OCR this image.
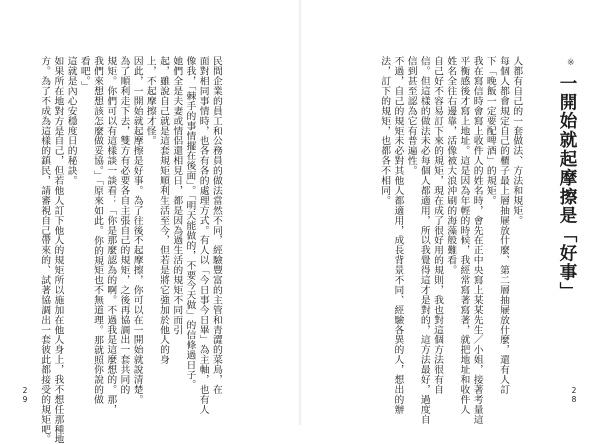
※
一開始就起摩擦是「好事」
人都有自己的一套做法、方法和規矩。
每個人都會規定自己的櫃子最上層抽屜放什麼、第二層抽屜放什麼，還有人訂
下「晚飯一定要配啤酒」的規矩。
我在寫信時會寫上收件人的姓名時，會先在正中央寫上某某先生／小姐，接著考量這
平衡感後才寫上地址。這是因為年輕的時候，我經常寫著寫著，就把地址和收件人
姓名全往右邊靠，活像被大浪沖刷的海藻般難看。
自己好不容易訂下來的規矩，現在成了很好用的規則，我也對這個方法很有自
信。但這樣的做法未必每個人都適用，所以我覺得這才是對的，這方法最好，過度自
信到甚至認為它有普遍性。
不過，自己的規矩未必對其他人都適用，成長背景不同、經驗各異的人，想出的辦
法，訂下的規矩，也都各不相同。
民間企業的員工和公務員的做法當然不同，經驗豐富的主管和青澀的菜鳥，在
面對相同事情時，也各有各的處理方式。有人以「今日事今日畢」為主軸，也有人
像我，「棘手的事情擺在後面」。「明天能做的，不要今天做」的信條過日子。
她們全是夫妻或情侶還相見日，都是因為過生活的規矩不同而引
起，雖說自己就是這套規矩順利生活至今，但若是將它強加於他人的身
上，不起摩擦才怪。
因此，一開始就起摩擦是好事。為了往後不起摩擦，你可以在一開始就說清楚。
為了順利走下去，雙方有必要各自主張自己的規矩，之後再協調出一套共同的
規矩。你們可以有這樣談一談看：「你是那麼認為的啊。不過我是這麼想的。那，
我們來想想該怎麼做妥協。」「原來如此。你的規矩也不無道理。那就照你說的做
看吧。」
這就是內心安穩度日的秘訣。
如果所在地對方是自己，但若他人訂下他人的規矩所以施加在他人身上，我不想任那種地
方。為了不成為這樣的鎮民，請審視自己帶來的、試著協調出一套彼此都接受的規矩吧。	2
8
2
9
